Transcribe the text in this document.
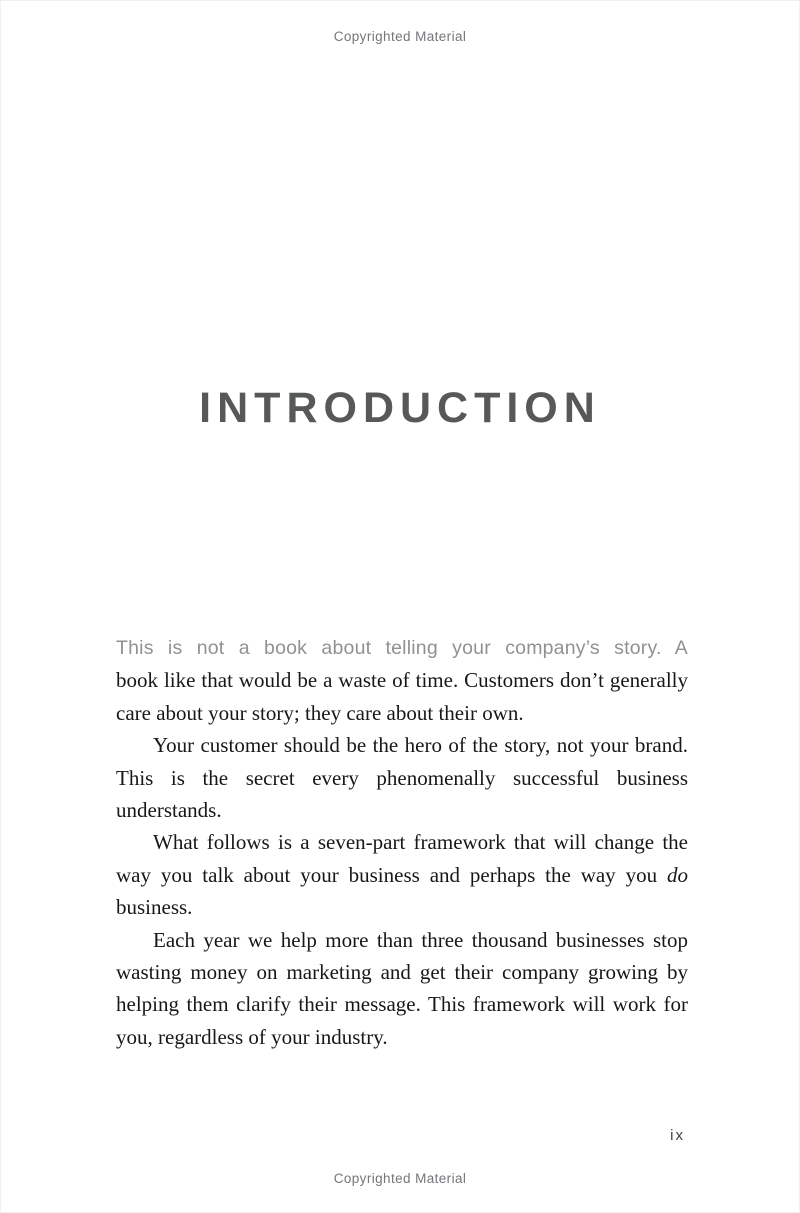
Copyrighted Material
INTRODUCTION

This is not a book about telling your company’s story. A
book like that would be a waste of time. Customers don’t generally care about your story; they care about their own.

Your customer should be the hero of the story, not your brand. This is the secret every phenomenally successful business understands.

What follows is a seven-part framework that will change the way you talk about your business and perhaps the way you do business.

Each year we help more than three thousand businesses stop wasting money on marketing and get their company growing by helping them clarify their message. This framework will work for you, regardless of your industry.

ix
Copyrighted Material
